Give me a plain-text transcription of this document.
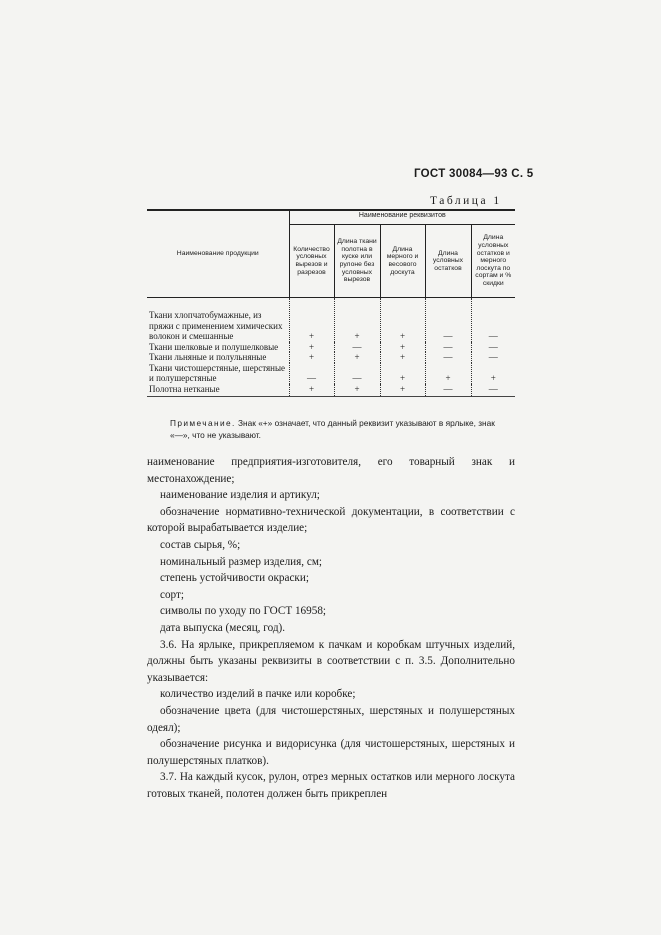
ГОСТ 30084—93 С. 5
Таблица 1
Наименование продукции	Наименование реквизитов				
	Количество условных вырезов и разрезов	Длина ткани полотна в куске или рулоне без условных вырезов	Длина мерного и весового доскута	Длина условных остатков	Длина условных остатков и мерного лоскута по сортам и % скидки
Ткани хлопчатобумажные, из пряжи с применением химических волокон и смешанные	+	+	+	—	—
Ткани шелковые и полушелковые	+	—	+	—	—
Ткани льняные и полульняные	+	+	+	—	—
Ткани чистошерстяные, шерстяные и полушерстяные	—	—	+	+	+
Полотна нетканые	+	+	+	—	—
Примечание. Знак «+» означает, что данный реквизит указывают в ярлыке, знак «—», что не указывают.

наименование предприятия-изготовителя, его товарный знак и местонахождение;

наименование изделия и артикул;

обозначение нормативно-технической документации, в соответствии с которой вырабатывается изделие;

состав сырья, %;

номинальный размер изделия, см;

степень устойчивости окраски;

сорт;

символы по уходу по ГОСТ 16958;

дата выпуска (месяц, год).

3.6. На ярлыке, прикрепляемом к пачкам и коробкам штучных изделий, должны быть указаны реквизиты в соответствии с п. 3.5. Дополнительно указывается:

количество изделий в пачке или коробке;

обозначение цвета (для чистошерстяных, шерстяных и полушерстяных одеял);

обозначение рисунка и видорисунка (для чистошерстяных, шерстяных и полушерстяных платков).

3.7. На каждый кусок, рулон, отрез мерных остатков или мерного лоскута готовых тканей, полотен должен быть прикреплен
